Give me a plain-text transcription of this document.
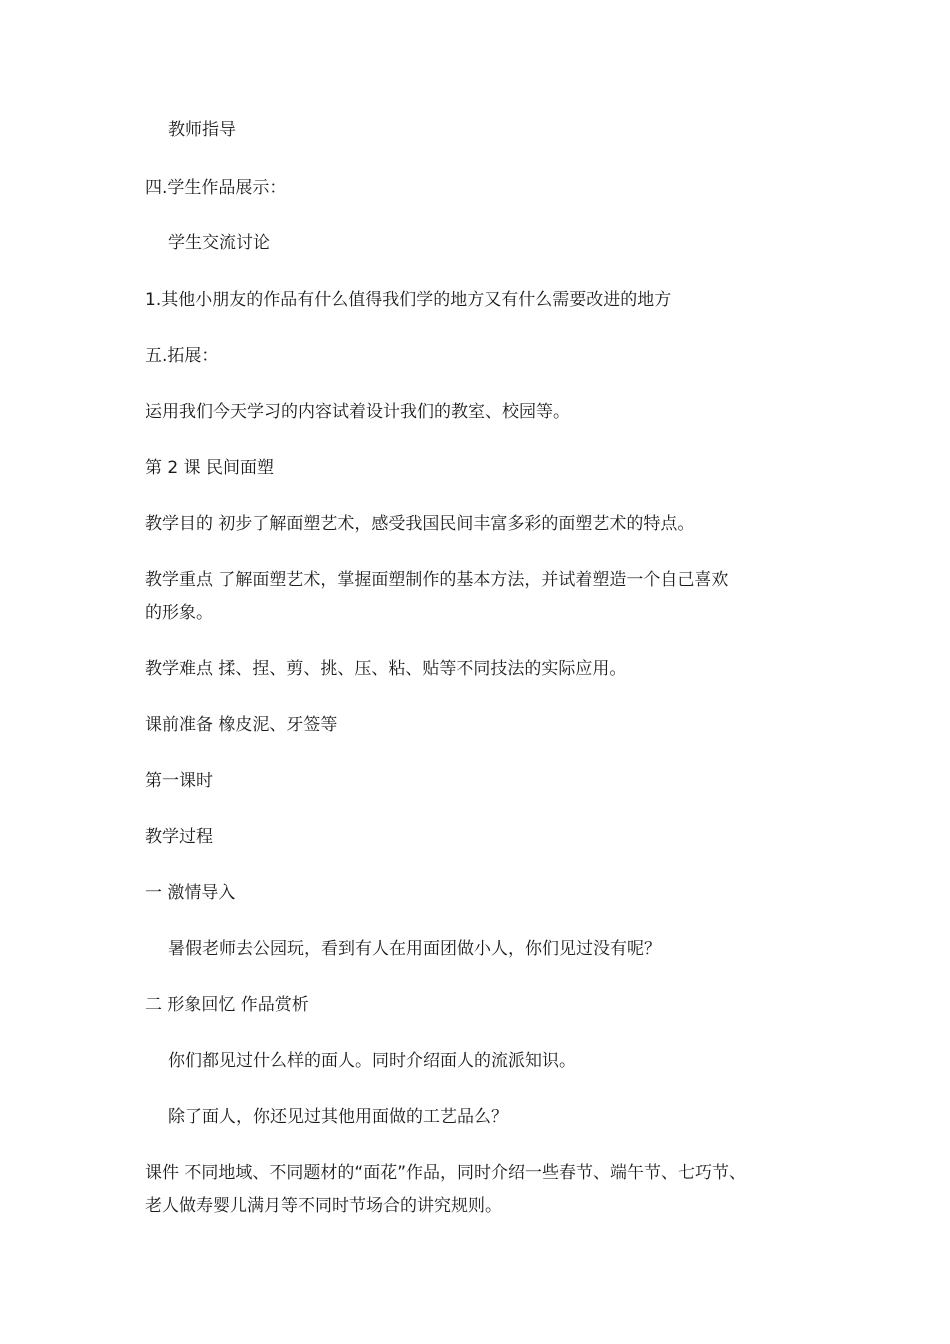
教师指导

四.学生作品展示：

学生交流讨论

1.其他小朋友的作品有什么值得我们学的地方又有什么需要改进的地方

五.拓展：

运用我们今天学习的内容试着设计我们的教室、校园等。

第 2 课 民间面塑

教学目的 初步了解面塑艺术，感受我国民间丰富多彩的面塑艺术的特点。

教学重点 了解面塑艺术，掌握面塑制作的基本方法，并试着塑造一个自己喜欢

的形象。

教学难点 揉、捏、剪、挑、压、粘、贴等不同技法的实际应用。

课前准备 橡皮泥、牙签等

第一课时

教学过程

一 激情导入

暑假老师去公园玩，看到有人在用面团做小人，你们见过没有呢？

二 形象回忆 作品赏析

你们都见过什么样的面人。同时介绍面人的流派知识。

除了面人，你还见过其他用面做的工艺品么？

课件 不同地域、不同题材的“面花”作品，同时介绍一些春节、端午节、七巧节、

老人做寿婴儿满月等不同时节场合的讲究规则。
